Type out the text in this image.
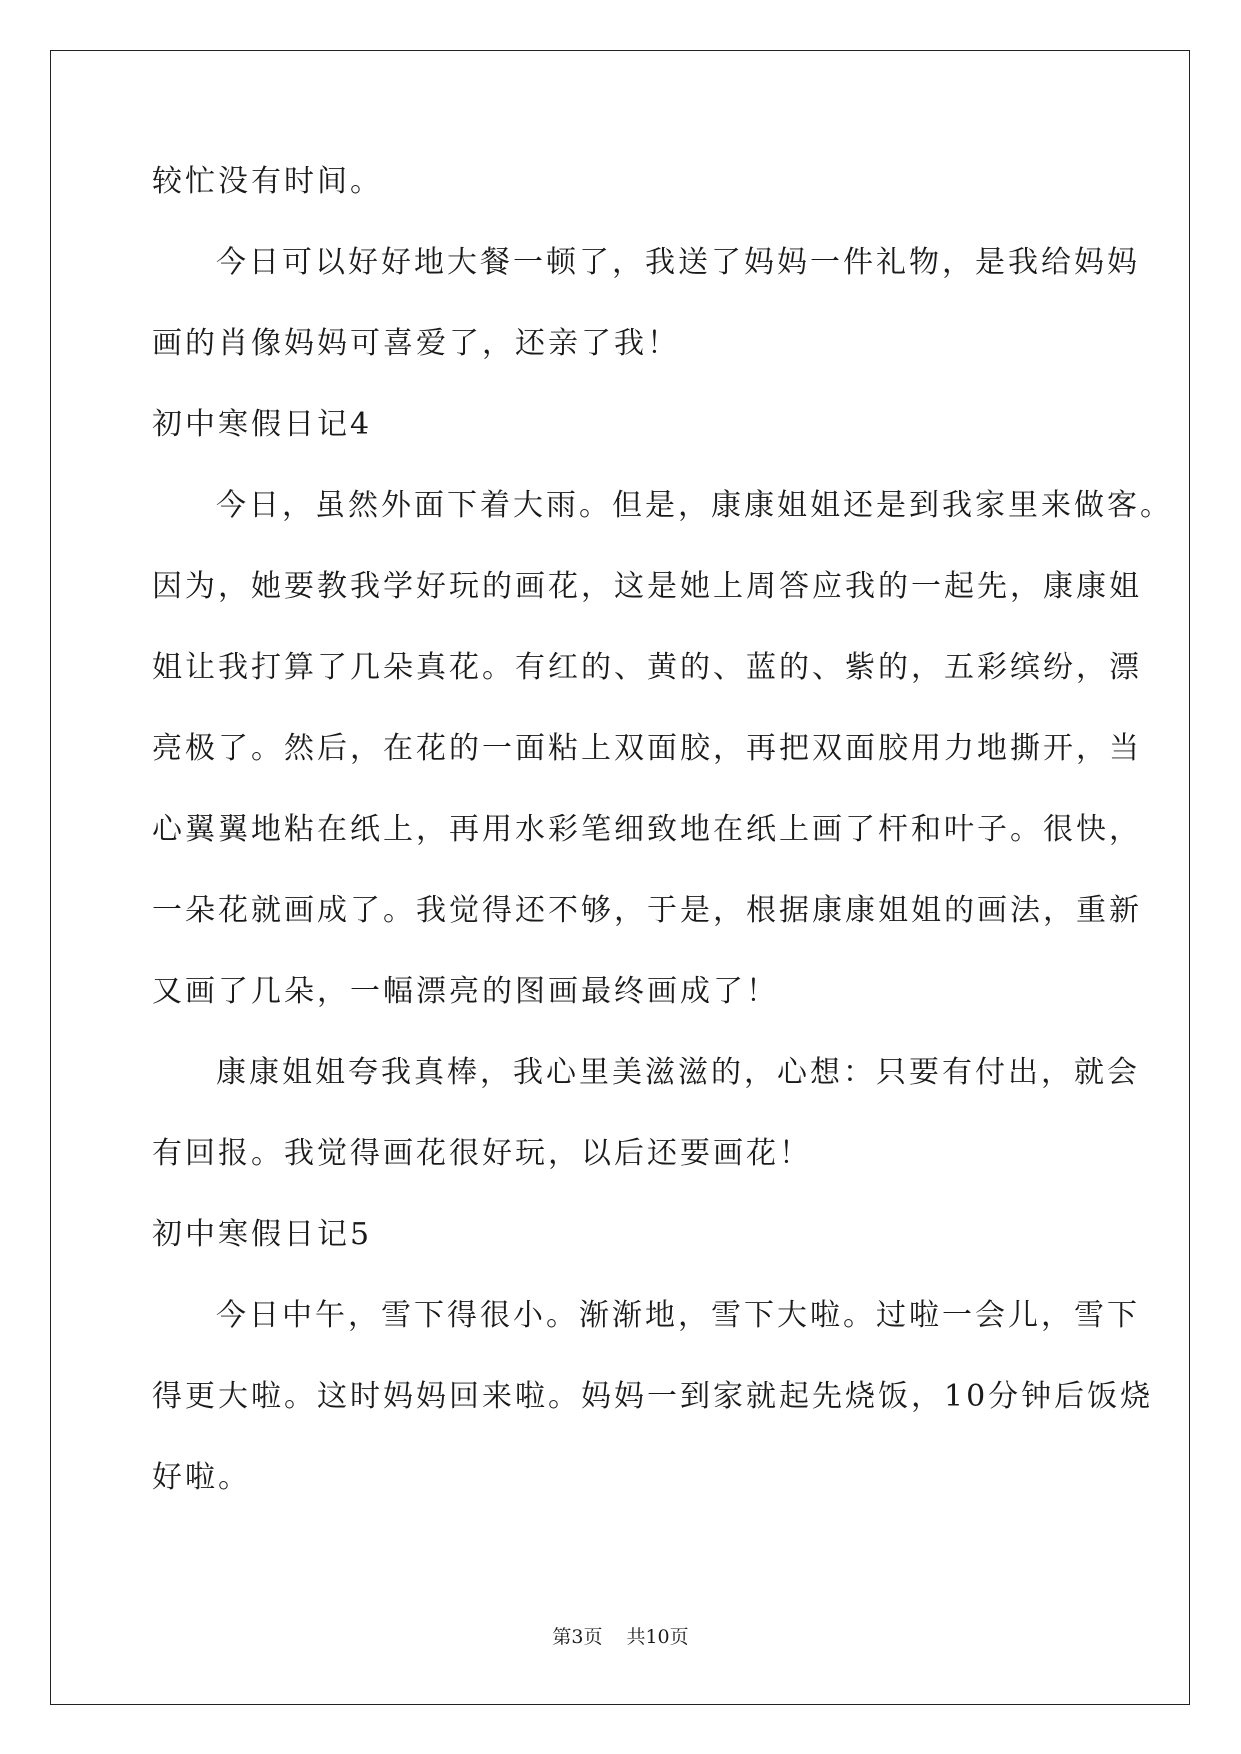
较忙没有时间。
今日可以好好地大餐一顿了，我送了妈妈一件礼物，是我给妈妈
画的肖像妈妈可喜爱了，还亲了我！
初中寒假日记4
今日，虽然外面下着大雨。但是，康康姐姐还是到我家里来做客。
因为，她要教我学好玩的画花，这是她上周答应我的一起先，康康姐
姐让我打算了几朵真花。有红的、黄的、蓝的、紫的，五彩缤纷，漂
亮极了。然后，在花的一面粘上双面胶，再把双面胶用力地撕开，当
心翼翼地粘在纸上，再用水彩笔细致地在纸上画了杆和叶子。很快，
一朵花就画成了。我觉得还不够，于是，根据康康姐姐的画法，重新
又画了几朵，一幅漂亮的图画最终画成了！
康康姐姐夸我真棒，我心里美滋滋的，心想：只要有付出，就会
有回报。我觉得画花很好玩，以后还要画花！
初中寒假日记5
今日中午，雪下得很小。渐渐地，雪下大啦。过啦一会儿，雪下
得更大啦。这时妈妈回来啦。妈妈一到家就起先烧饭，10分钟后饭烧
好啦。
第3页 共10页
